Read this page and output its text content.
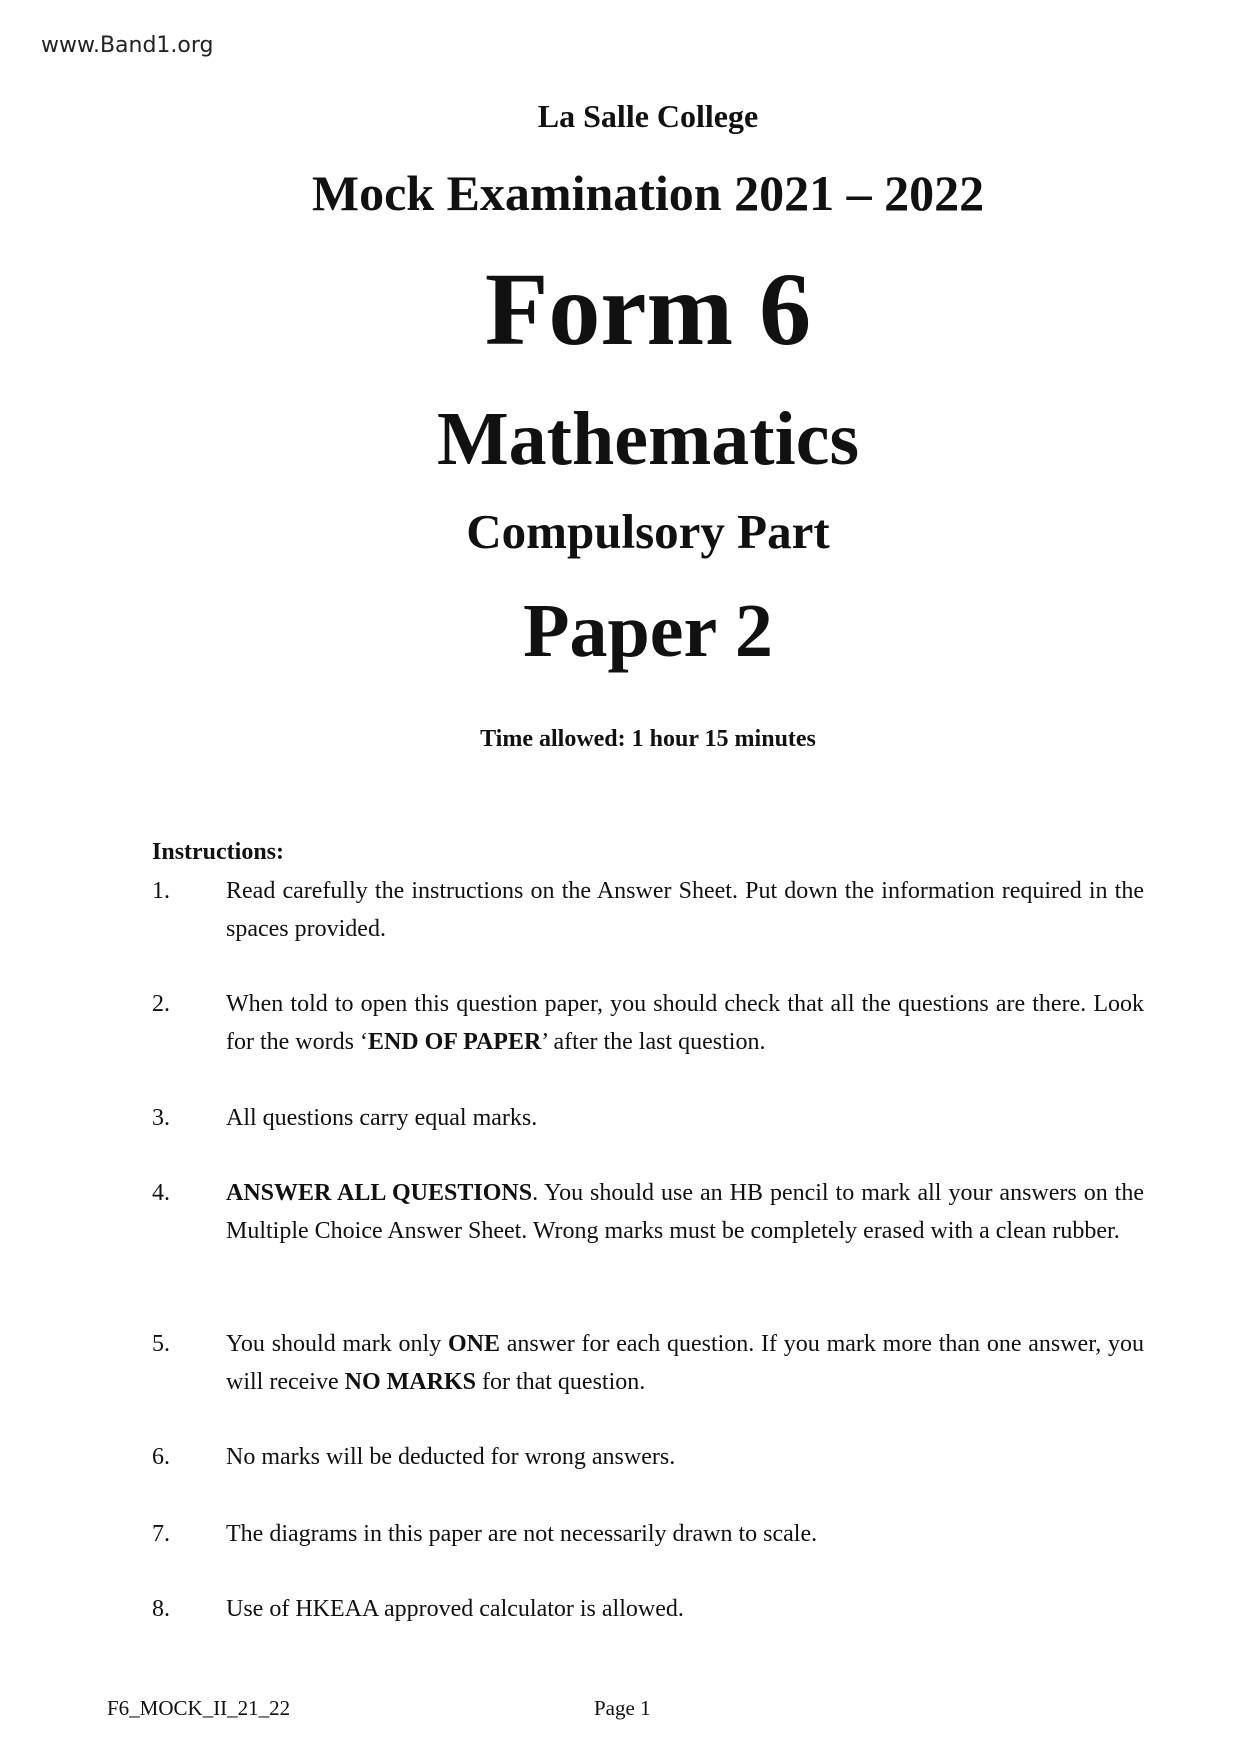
www.Band1.org
La Salle College
Mock Examination 2021 – 2022
Form 6
Mathematics
Compulsory Part
Paper 2
Time allowed: 1 hour 15 minutes
Instructions:
1. Read carefully the instructions on the Answer Sheet. Put down the information required in the spaces provided.
2. When told to open this question paper, you should check that all the questions are there. Look for the words ‘END OF PAPER’ after the last question.
3. All questions carry equal marks.
4. ANSWER ALL QUESTIONS. You should use an HB pencil to mark all your answers on the Multiple Choice Answer Sheet. Wrong marks must be completely erased with a clean rubber.
5. You should mark only ONE answer for each question. If you mark more than one answer, you will receive NO MARKS for that question.
6. No marks will be deducted for wrong answers.
7. The diagrams in this paper are not necessarily drawn to scale.
8. Use of HKEAA approved calculator is allowed.
F6_MOCK_II_21_22	Page 1
